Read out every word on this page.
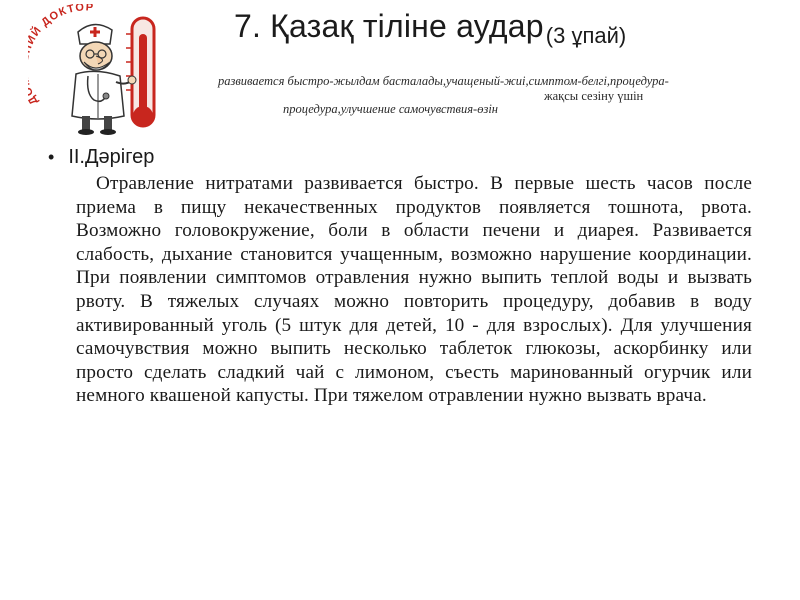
Й ДОКТОР
7. Қазақ тіліне аудар(3 ұпай)
развивается быстро-жылдам басталады,учащеный-жиі,симптом-белгі,процедура-
жақсы сезіну үшін
процедура,улучшение самочувствия-өзін
• ІІ.Дәрігер
Отравление нитратами развивается быстро. В первые шесть часов после приема в пищу некачественных продуктов появляется тошнота, рвота. Возможно головокружение, боли в области печени и диарея. Развивается слабость, дыхание становится учащенным, возможно нарушение координации. При появлении симптомов отравления нужно выпить теплой воды и вызвать рвоту. В тяжелых случаях можно повторить процедуру, добавив в воду активированный уголь (5 штук для детей, 10 - для взрослых). Для улучшения самочувствия можно выпить несколько таблеток глюкозы, аскорбинку или просто сделать сладкий чай с лимоном, съесть маринованный огурчик или немного квашеной капусты. При тяжелом отравлении нужно вызвать врача.
